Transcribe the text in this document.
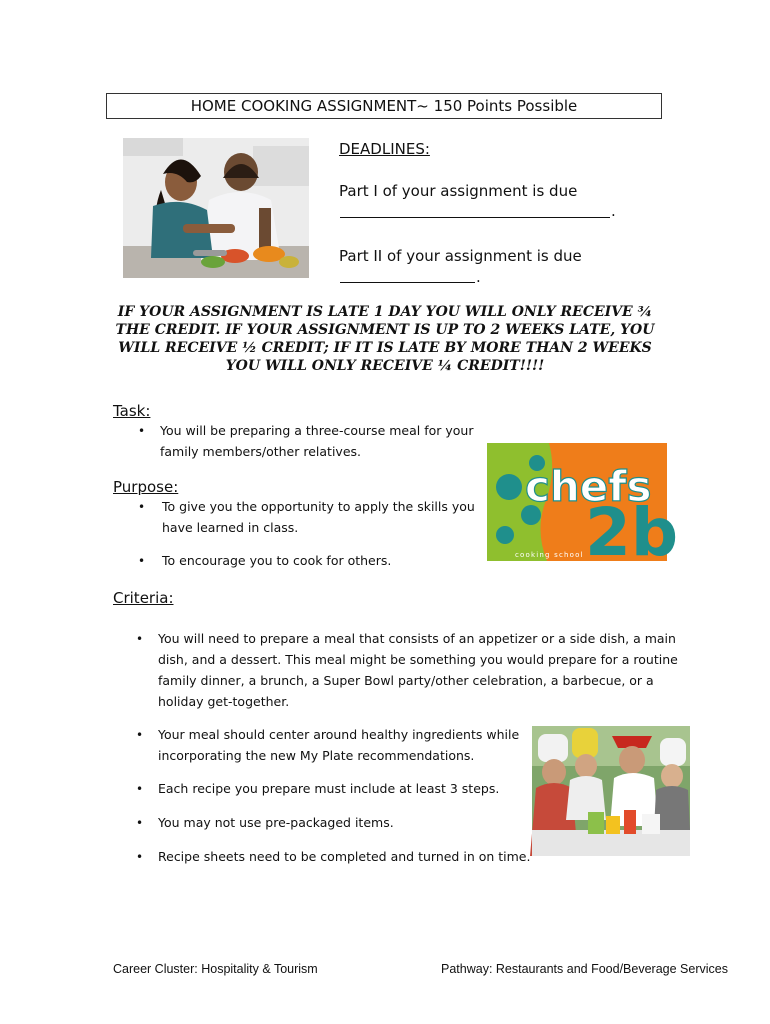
HOME COOKING ASSIGNMENT~ 150 Points Possible
DEADLINES:
Part I of your assignment is due
.
Part II of your assignment is due
.
IF YOUR ASSIGNMENT IS LATE 1 DAY YOU WILL ONLY RECEIVE ¾ THE CREDIT. IF YOUR ASSIGNMENT IS UP TO 2 WEEKS LATE, YOU WILL RECEIVE ½ CREDIT; IF IT IS LATE BY MORE THAN 2 WEEKS YOU WILL ONLY RECEIVE ¼ CREDIT!!!!
Task:
• You will be preparing a three-course meal for your
family members/other relatives.
Purpose:
• To give you the opportunity to apply the skills you
have learned in class.
• To encourage you to cook for others.
chefs
2b
cooking school
Criteria:
• You will need to prepare a meal that consists of an appetizer or a side dish, a main
dish, and a dessert. This meal might be something you would prepare for a routine
family dinner, a brunch, a Super Bowl party/other celebration, a barbecue, or a
holiday get-together.
• Your meal should center around healthy ingredients while
incorporating the new My Plate recommendations.
• Each recipe you prepare must include at least 3 steps.
• You may not use pre-packaged items.
• Recipe sheets need to be completed and turned in on time.
Career Cluster: Hospitality & Tourism	Pathway: Restaurants and Food/Beverage Services
